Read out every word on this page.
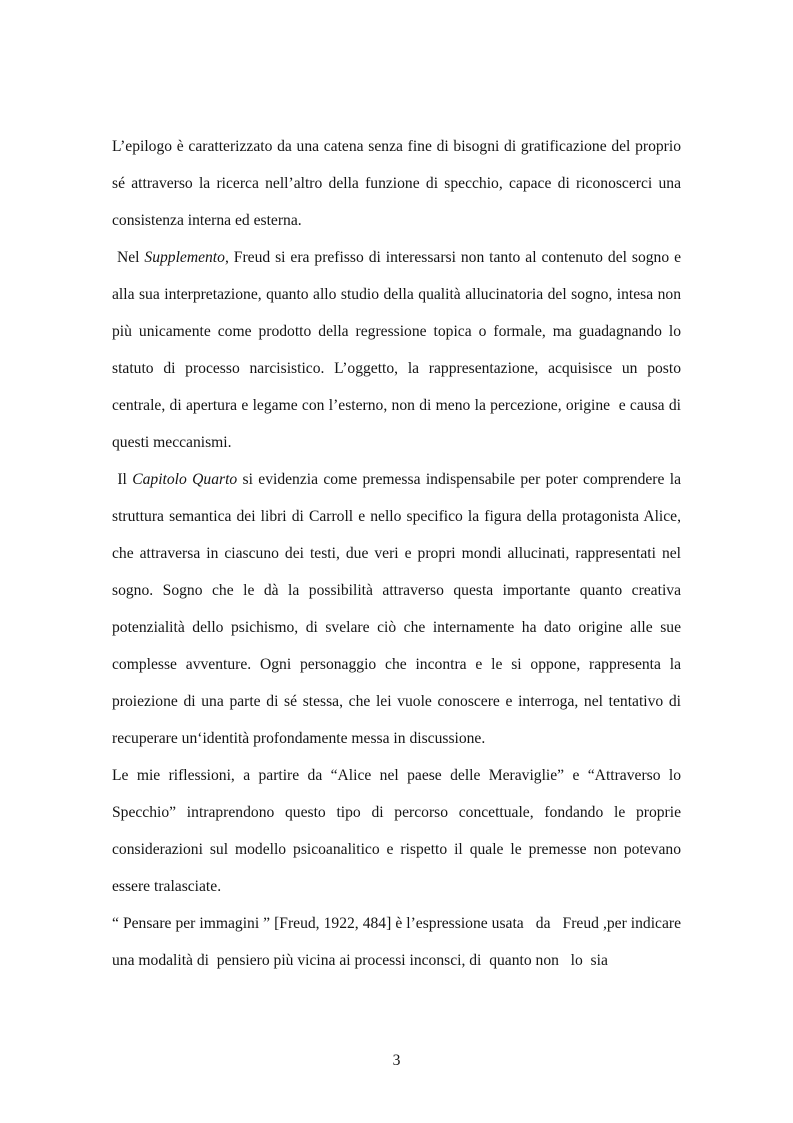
L’epilogo è caratterizzato da una catena senza fine di bisogni di gratificazione del proprio sé attraverso la ricerca nell’altro della funzione di specchio, capace di riconoscerci una consistenza interna ed esterna.

Nel Supplemento, Freud si era prefisso di interessarsi non tanto al contenuto del sogno e alla sua interpretazione, quanto allo studio della qualità allucinatoria del sogno, intesa non più unicamente come prodotto della regressione topica o formale, ma guadagnando lo statuto di processo narcisistico. L’oggetto, la rappresentazione, acquisisce un posto centrale, di apertura e legame con l’esterno, non di meno la percezione, origine  e causa di questi meccanismi.

Il Capitolo Quarto si evidenzia come premessa indispensabile per poter comprendere la struttura semantica dei libri di Carroll e nello specifico la figura della protagonista Alice, che attraversa in ciascuno dei testi, due veri e propri mondi allucinati, rappresentati nel sogno. Sogno che le dà la possibilità attraverso questa importante quanto creativa potenzialità dello psichismo, di svelare ciò che internamente ha dato origine alle sue complesse avventure. Ogni personaggio che incontra e le si oppone, rappresenta la proiezione di una parte di sé stessa, che lei vuole conoscere e interroga, nel tentativo di recuperare un‘identità profondamente messa in discussione.

Le mie riflessioni, a partire da “Alice nel paese delle Meraviglie” e “Attraverso lo Specchio” intraprendono questo tipo di percorso concettuale, fondando le proprie considerazioni sul modello psicoanalitico e rispetto il quale le premesse non potevano essere tralasciate.

“ Pensare per immagini ” [Freud, 1922, 484] è l’espressione usata   da   Freud ,per indicare una modalità di  pensiero più vicina ai processi inconsci, di  quanto non   lo  sia

3
